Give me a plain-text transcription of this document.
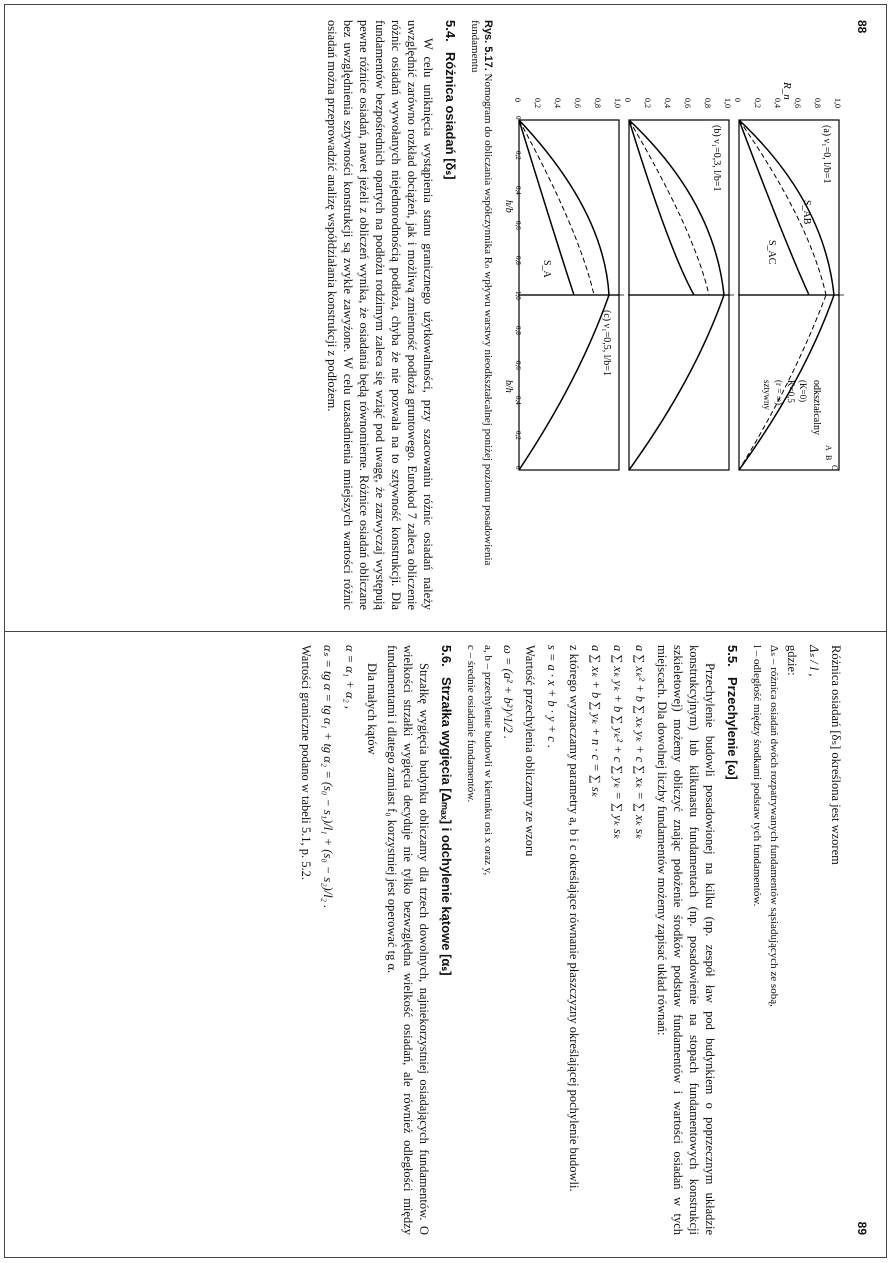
88
R_n
S_A
S_AB
S_AC
(a) ν₁=0, l/b=1
(b) ν₁=0,3, l/b=1
(c) ν₁=0,5, l/b=1
odkształcalny
(K=0)
K=0,5
(r = ∞)
sztywny
A
B
C
h/b
b/h
1,0
0,8
0,6
0,4
0,2
0
1,0
0,8
0,6
0,4
0,2
0
1,0
0,8
0,6
0,4
0,2
0
0
0,2
0,4
0,6
0,8
1,0
0,8
0,6
0,4
0,2
0
Rys. 5.17. Nomogram do obliczania współczynnika Rₙ wpływu warstwy nieodkształcalnej poniżej poziomu posadowienia fundamentu
5.4.Różnica osiadań [δₛ]

W celu uniknięcia wystąpienia stanu granicznego użytkowalności, przy szacowaniu różnic osiadań należy uwzględnić zarówno rozkład obciążeń, jak i możliwą zmienność podłoża gruntowego. Eurokod 7 zaleca obliczenie różnic osiadań wywołanych niejednorodnością podłoża, chyba że nie pozwala na to sztywność konstrukcji. Dla fundamentów bezpośrednich opartych na podłożu rodzimym zaleca się wziąć pod uwagę, że zazwyczaj występują pewne różnice osiadań, nawet jeżeli z obliczeń wynika, że osiadania będą równomierne. Różnice osiadań obliczane bez uwzględnienia sztywności konstrukcji są zwykle zawyżone. W celu uzasadnienia mniejszych wartości różnic osiadań można przeprowadzić analizę współdziałania konstrukcji z podłożem.

89

Różnica osiadań [δₛ] określona jest wzorem

Δₛ / l ,

gdzie:

Δₛ – różnica osiadań dwóch rozpatrywanych fundamentów sąsiadujących ze sobą,

l – odległość między środkami podstaw tych fundamentów.

5.5.Przechylenie [ω]

Przechylenie budowli posadowionej na kilku (np. zespół ław pod budynkiem o poprzecznym układzie konstrukcyjnym) lub kilkunastu fundamentach (np. posadowienie na stopach fundamentowych konstrukcji szkieletowej) możemy obliczyć znając położenie środków podstaw fundamentów i wartości osiadań w tych miejscach. Dla dowolnej liczby fundamentów możemy zapisać układ równań:

a ∑ xₖ² + b ∑ xₖ yₖ + c ∑ xₖ = ∑ xₖ sₖ
a ∑ xₖ yₖ + b ∑ yₖ² + c ∑ yₖ = ∑ yₖ sₖ
a ∑ xₖ + b ∑ yₖ + n · c = ∑ sₖ

z którego wyznaczamy parametry a, b i c określające równanie płaszczyzny określającej pochylenie budowli.

s = a · x + b · y + c .

Wartość przechylenia obliczamy ze wzoru

ω = (a² + b²)^1/2 .

a, b – przechylenie budowli w kierunku osi x oraz y,

c – średnie osiadanie fundamentów.

5.6.Strzałka wygięcia [Δₘₐₓ] i odchylenie kątowe [αₛ]

Strzałkę wygięcia budynku obliczamy dla trzech dowolnych, najniekorzystniej osiadających fundamentów. O wielkości strzałki wygięcia decyduje nie tylko bezwzględna wielkość osiadań, ale również odległości między fundamentami i dlatego zamiast f₀ korzystniej jest operować tg α.

Dla małych kątów

α = α₁ + α₂ ,
αₛ = tg α = tg α₁ + tg α₂ = (s₀ − s₁)/l₁ + (s₀ − s₂)/l₂ .

Wartości graniczne podano w tabeli 5.1, p. 5.2.
